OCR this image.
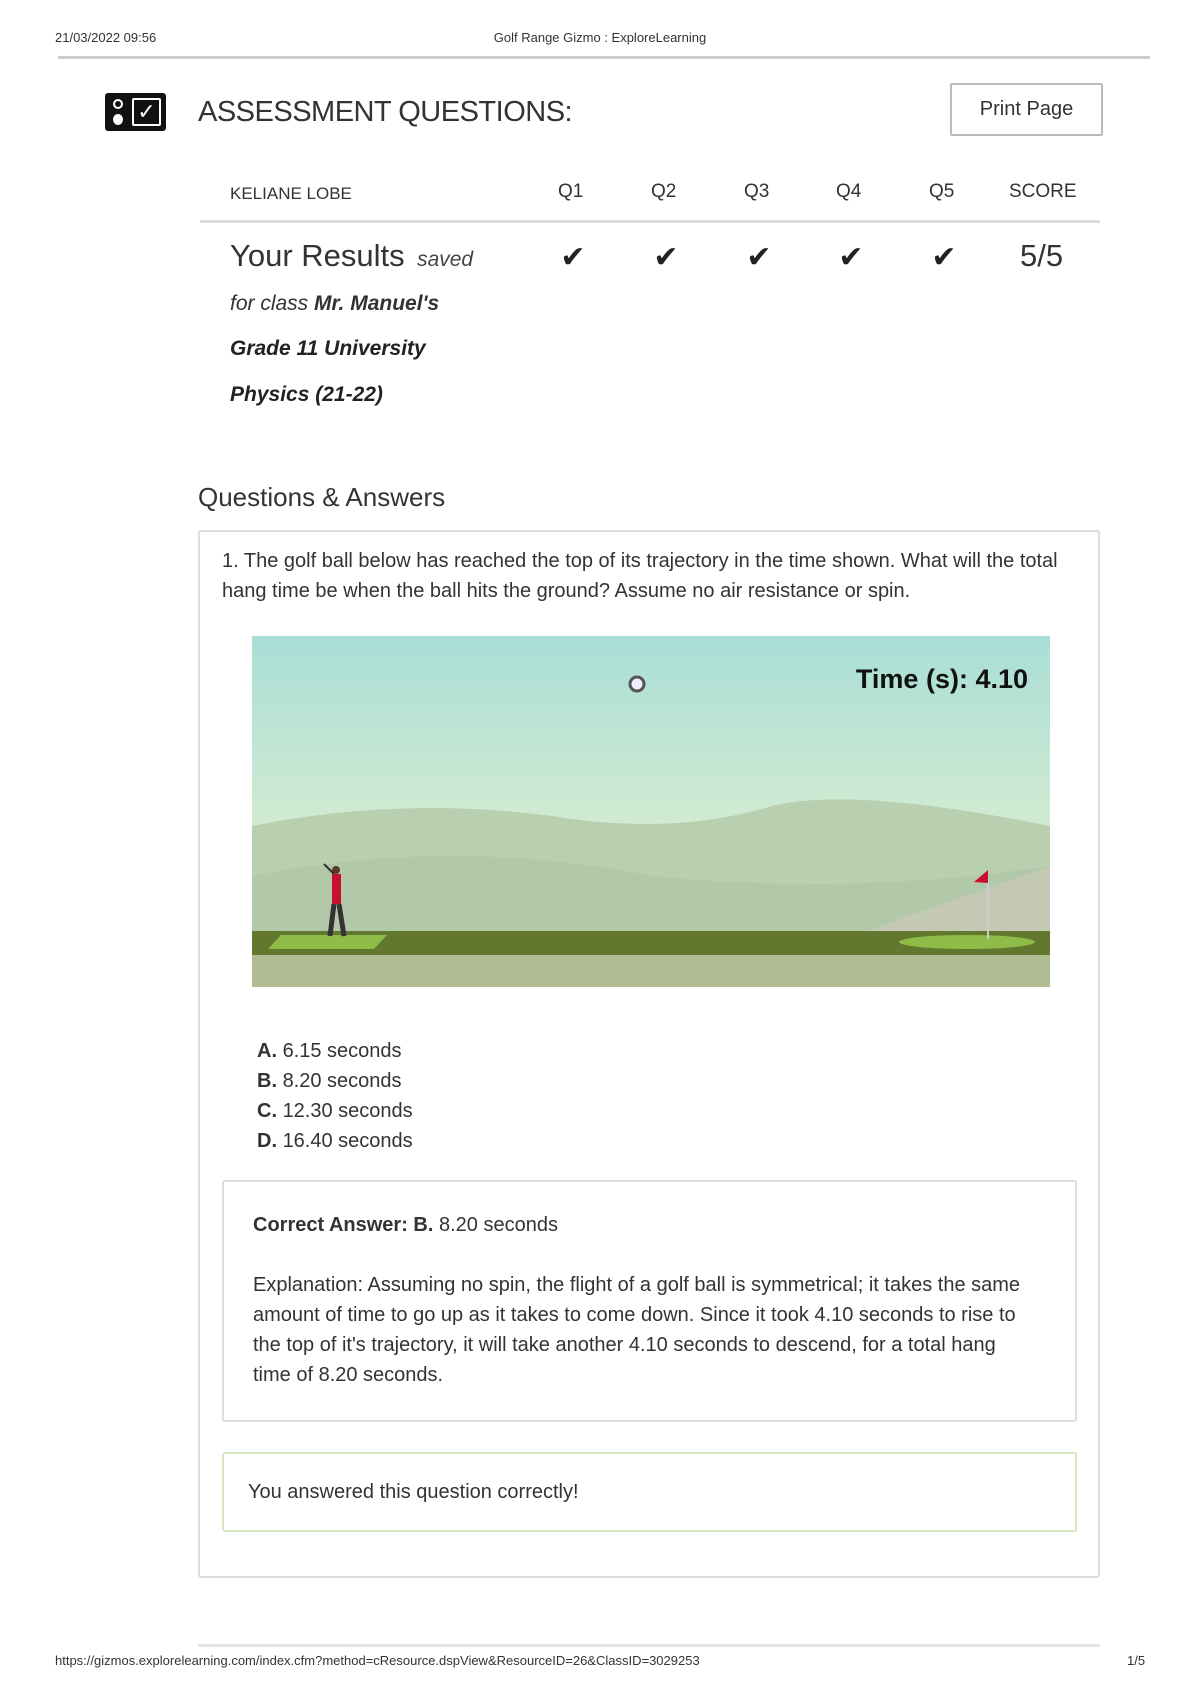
21/03/2022 09:56	Golf Range Gizmo : ExploreLearning
✓ ASSESSMENT QUESTIONS:	Print Page
KELIANE LOBE	Q1	Q2	Q3	Q4	Q5	SCORE
Your Results saved
for class Mr. Manuel's
Grade 11 University
Physics (21-22)
✔ ✔ ✔ ✔ ✔ 5/5
Questions & Answers
1. The golf ball below has reached the top of its trajectory in the time shown. What will the total hang time be when the ball hits the ground? Assume no air resistance or spin.
Time (s): 4.10
A. 6.15 seconds
B. 8.20 seconds
C. 12.30 seconds
D. 16.40 seconds
Correct Answer: B. 8.20 seconds
Explanation: Assuming no spin, the flight of a golf ball is symmetrical; it takes the same amount of time to go up as it takes to come down. Since it took 4.10 seconds to rise to the top of it's trajectory, it will take another 4.10 seconds to descend, for a total hang time of 8.20 seconds.
You answered this question correctly!
https://gizmos.explorelearning.com/index.cfm?method=cResource.dspView&ResourceID=26&ClassID=3029253	1/5
